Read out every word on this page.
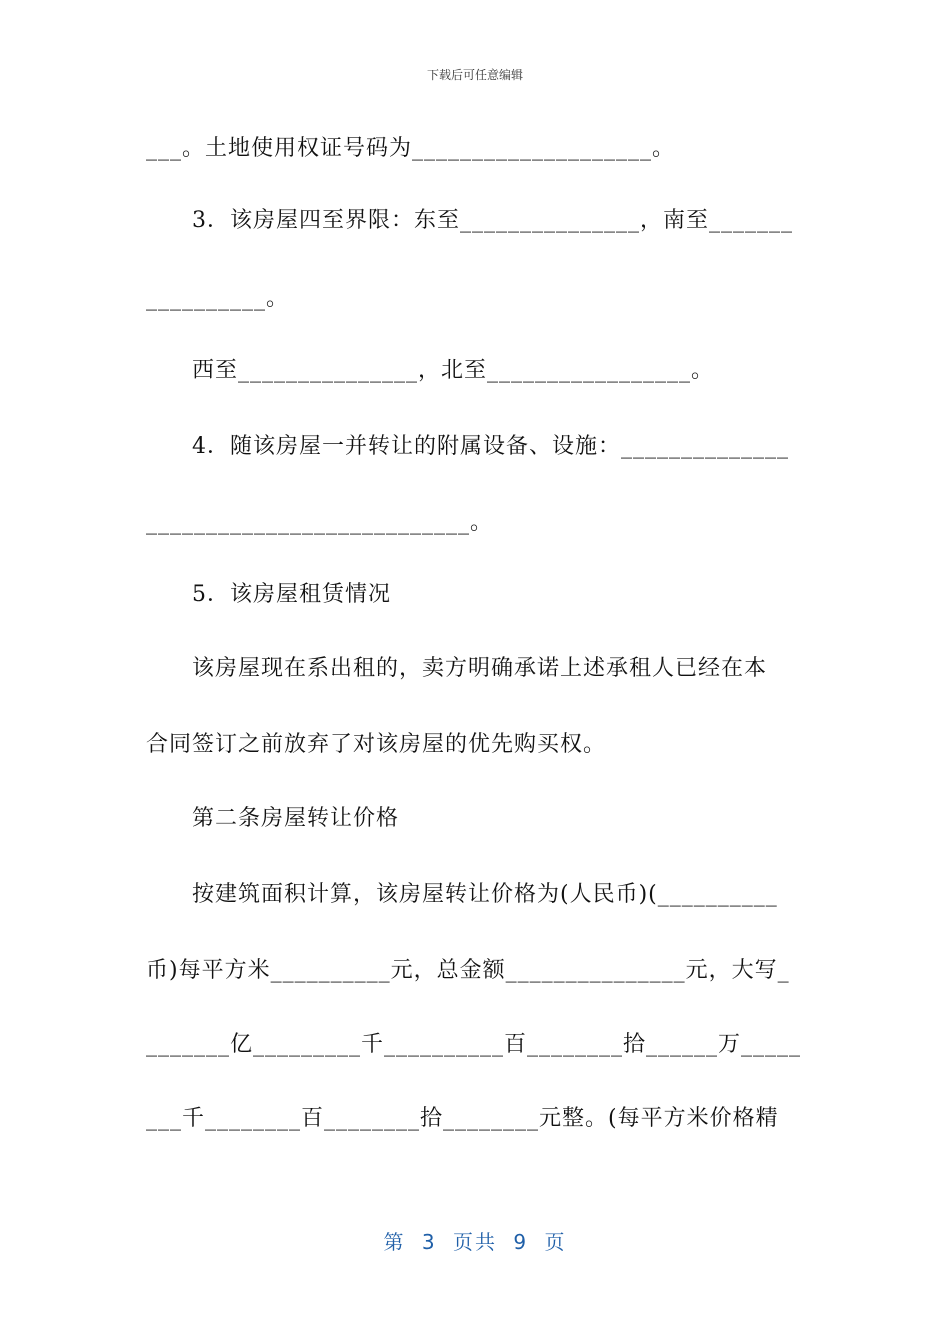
下载后可任意编辑
___。土地使用权证号码为____________________。
3．该房屋四至界限：东至_______________，南至_______
__________。
西至_______________，北至_________________。
4．随该房屋一并转让的附属设备、设施：______________
___________________________。
5．该房屋租赁情况
该房屋现在系出租的，卖方明确承诺上述承租人已经在本
合同签订之前放弃了对该房屋的优先购买权。
第二条房屋转让价格
按建筑面积计算，该房屋转让价格为(人民币)(__________
币)每平方米__________元，总金额_______________元，大写_
_______亿_________千__________百________拾______万_____
___千________百________拾________元整。(每平方米价格精
第 3 页共 9 页
